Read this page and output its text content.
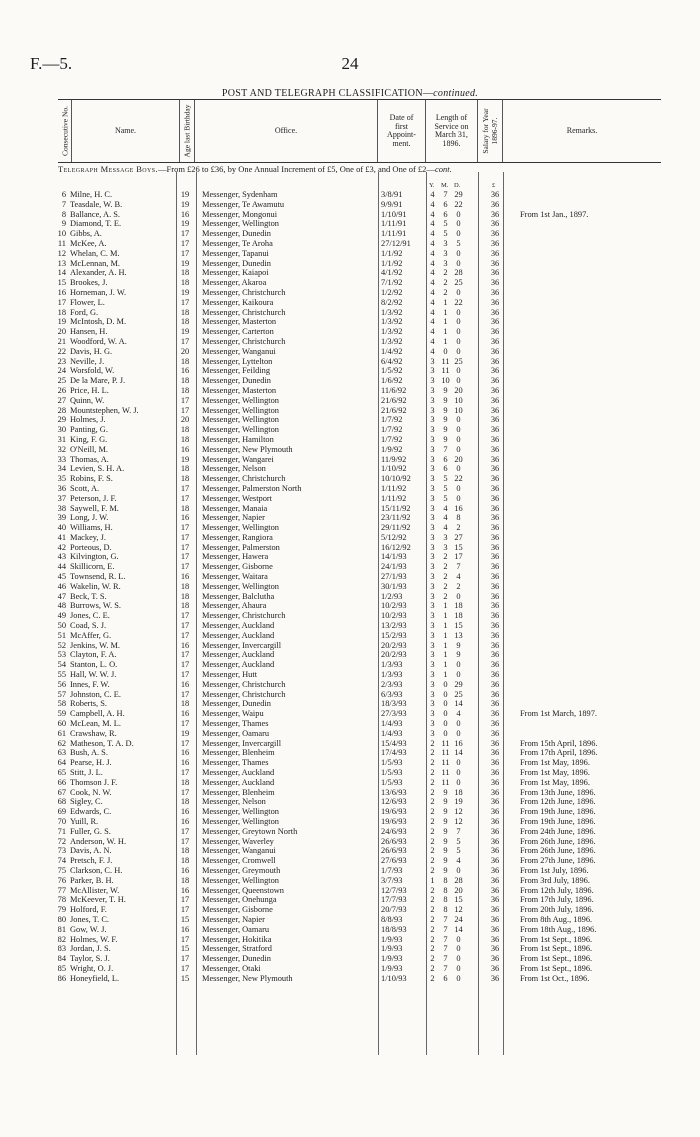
F.—5.	24
POST AND TELEGRAPH CLASSIFICATION—continued.
Consecutive No.	Name.	Age last Birthday	Office.
Date of first Appoint- ment.
Length of Service on March 31, 1896.	Salary for Year 1896-97.	Remarks.
Telegraph Message Boys.—From £26 to £36, by One Annual Increment of £5, One of £3, and One of £2—cont.
Y. M. D.	£
6 Milne, H. C.	19	Messenger, Sydenham	3/8/91	4	7 29	36
7 Teasdale, W. B.	19	Messenger, Te Awamutu	9/9/91	4	6 22	36
8 Ballance, A. S.	16	Messenger, Mongonui	1/10/91	4	6	0	36	From 1st Jan., 1897.
9 Diamond, T. E.	19	Messenger, Wellington	1/11/91	4	5	0	36
10 Gibbs, A.	17	Messenger, Dunedin	1/11/91	4	5	0	36
11 McKee, A.	17	Messenger, Te Aroha	27/12/91	4	3	5	36
12 Whelan, C. M.	17	Messenger, Tapanui	1/1/92	4	3	0	36
13 McLennan, M.	19	Messenger, Dunedin	1/1/92	4	3	0	36
14 Alexander, A. H.	18	Messenger, Kaiapoi	4/1/92	4	2 28	36
15 Brookes, J.	18	Messenger, Akaroa	7/1/92	4	2 25	36
16 Horneman, J. W.	19	Messenger, Christchurch	1/2/92	4	2	0	36
17 Flower, L.	17	Messenger, Kaikoura	8/2/92	4	1 22	36
18 Ford, G.	18	Messenger, Christchurch	1/3/92	4	1	0	36
19 McIntosh, D. M.	18	Messenger, Masterton	1/3/92	4	1	0	36
20 Hansen, H.	19	Messenger, Carterton	1/3/92	4	1	0	36
21 Woodford, W. A.	17	Messenger, Christchurch	1/3/92	4	1	0	36
22 Davis, H. G.	20	Messenger, Wanganui	1/4/92	4	0	0	36
23 Neville, J.	18	Messenger, Lyttelton	6/4/92	3 11 25	36
24 Worsfold, W.	16	Messenger, Feilding	1/5/92	3 11 0	36
25 De la Mare, P. J.	18	Messenger, Dunedin	1/6/92	3 10 0	36
26 Price, H. L.	18	Messenger, Masterton	11/6/92	3	9 20	36
27 Quinn, W.	17	Messenger, Wellington	21/6/92	3	9 10	36
28 Mountstephen, W. J.	17	Messenger, Wellington	21/6/92	3	9 10	36
29 Holmes, J.	20	Messenger, Wellington	1/7/92	3	9	0	36
30 Panting, G.	18	Messenger, Wellington	1/7/92	3	9	0	36
31 King, F. G.	18	Messenger, Hamilton	1/7/92	3	9	0	36
32 O'Neill, M.	16	Messenger, New Plymouth	1/9/92	3	7	0	36
33 Thomas, A.	19	Messenger, Wangarei	11/9/92	3	6 20	36
34 Levien, S. H. A.	18	Messenger, Nelson	1/10/92	3	6	0	36
35 Robins, F. S.	18	Messenger, Christchurch	10/10/92	3	5 22	36
36 Scott, A.	17	Messenger, Palmerston North	1/11/92	3	5	0	36
37 Peterson, J. F.	17	Messenger, Westport	1/11/92	3	5	0	36
38 Saywell, F. M.	18	Messenger, Manaia	15/11/92	3	4 16	36
39 Long, J. W.	16	Messenger, Napier	23/11/92	3	4	8	36
40 Williams, H.	17	Messenger, Wellington	29/11/92	3	4	2	36
41 Mackey, J.	17	Messenger, Rangiora	5/12/92	3	3 27	36
42 Porteous, D.	17	Messenger, Palmerston	16/12/92	3	3 15	36
43 Kilvington, G.	17	Messenger, Hawera	14/1/93	3	2 17	36
44 Skillicorn, E.	17	Messenger, Gisborne	24/1/93	3	2	7	36
45 Townsend, R. L.	16	Messenger, Waitara	27/1/93	3	2	4	36
46 Wakelin, W. R.	18	Messenger, Wellington	30/1/93	3	2	2	36
47 Beck, T. S.	18	Messenger, Balclutha	1/2/93	3	2	0	36
48 Burrows, W. S.	18	Messenger, Ahaura	10/2/93	3	1 18	36
49 Jones, C. E.	17	Messenger, Christchurch	10/2/93	3	1 18	36
50 Coad, S. J.	17	Messenger, Auckland	13/2/93	3	1 15	36
51 McAffer, G.	17	Messenger, Auckland	15/2/93	3	1 13	36
52 Jenkins, W. M.	16	Messenger, Invercargill	20/2/93	3	1	9	36
53 Clayton, F. A.	17	Messenger, Auckland	20/2/93	3	1	9	36
54 Stanton, L. O.	17	Messenger, Auckland	1/3/93	3	1	0	36
55 Hall, W. W. J.	17	Messenger, Hutt	1/3/93	3	1	0	36
56 Innes, F. W.	16	Messenger, Christchurch	2/3/93	3	0 29	36
57 Johnston, C. E.	17	Messenger, Christchurch	6/3/93	3	0 25	36
58 Roberts, S.	18	Messenger, Dunedin	18/3/93	3	0 14	36
59 Campbell, A. H.	16	Messenger, Waipu	27/3/93	3	0	4	36	From 1st March, 1897.
60 McLean, M. L.	17	Messenger, Thames	1/4/93	3	0	0	36
61 Crawshaw, R.	19	Messenger, Oamaru	1/4/93	3	0	0	36
62 Matheson, T. A. D.	17	Messenger, Invercargill	15/4/93	2 11 16	36	From 15th April, 1896.
63 Bush, A. S.	16	Messenger, Blenheim	17/4/93	2 11 14	36	From 17th April, 1896.
64 Pearse, H. J.	16	Messenger, Thames	1/5/93	2 11 0	36	From 1st May, 1896.
65 Stitt, J. L.	17	Messenger, Auckland	1/5/93	2 11 0	36	From 1st May, 1896.
66 Thomson J. F.	18	Messenger, Auckland	1/5/93	2 11 0	36	From 1st May, 1896.
67 Cook, N. W.	17	Messenger, Blenheim	13/6/93	2	9 18	36	From 13th June, 1896.
68 Sigley, C.	18	Messenger, Nelson	12/6/93	2	9 19	36	From 12th June, 1896.
69 Edwards, C.	16	Messenger, Wellington	19/6/93	2	9 12	36	From 19th June, 1896.
70 Yuill, R.	16	Messenger, Wellington	19/6/93	2	9 12	36	From 19th June, 1896.
71 Fuller, G. S.	17	Messenger, Greytown North	24/6/93	2	9	7	36	From 24th June, 1896.
72 Anderson, W. H.	17	Messenger, Waverley	26/6/93	2	9	5	36	From 26th June, 1896.
73 Davis, A. N.	18	Messenger, Wanganui	26/6/93	2	9	5	36	From 26th June, 1896.
74 Pretsch, F. J.	18	Messenger, Cromwell	27/6/93	2	9	4	36	From 27th June, 1896.
75 Clarkson, C. H.	16	Messenger, Greymouth	1/7/93	2	9	0	36	From 1st July, 1896.
76 Parker, B. H.	18	Messenger, Wellington	3/7/93	1	8 28	36	From 3rd July, 1896.
77 McAllister, W.	16	Messenger, Queenstown	12/7/93	2	8 20	36	From 12th July, 1896.
78 McKeever, T. H.	17	Messenger, Onehunga	17/7/93	2	8 15	36	From 17th July, 1896.
79 Holford, F.	17	Messenger, Gisborne	20/7/93	2	8 12	36	From 20th July, 1896.
80 Jones, T. C.	15	Messenger, Napier	8/8/93	2	7 24	36	From 8th Aug., 1896.
81 Gow, W. J.	16	Messenger, Oamaru	18/8/93	2	7 14	36	From 18th Aug., 1896.
82 Holmes, W. F.	17	Messenger, Hokitika	1/9/93	2	7	0	36	From 1st Sept., 1896.
83 Jordan, J. S.	15	Messenger, Stratford	1/9/93	2	7	0	36	From 1st Sept., 1896.
84 Taylor, S. J.	17	Messenger, Dunedin	1/9/93	2	7	0	36	From 1st Sept., 1896.
85 Wright, O. J.	17	Messenger, Otaki	1/9/93	2	7	0	36	From 1st Sept., 1896.
86 Honeyfield, L.	15	Messenger, New Plymouth	1/10/93	2	6	0	36	From 1st Oct., 1896.
